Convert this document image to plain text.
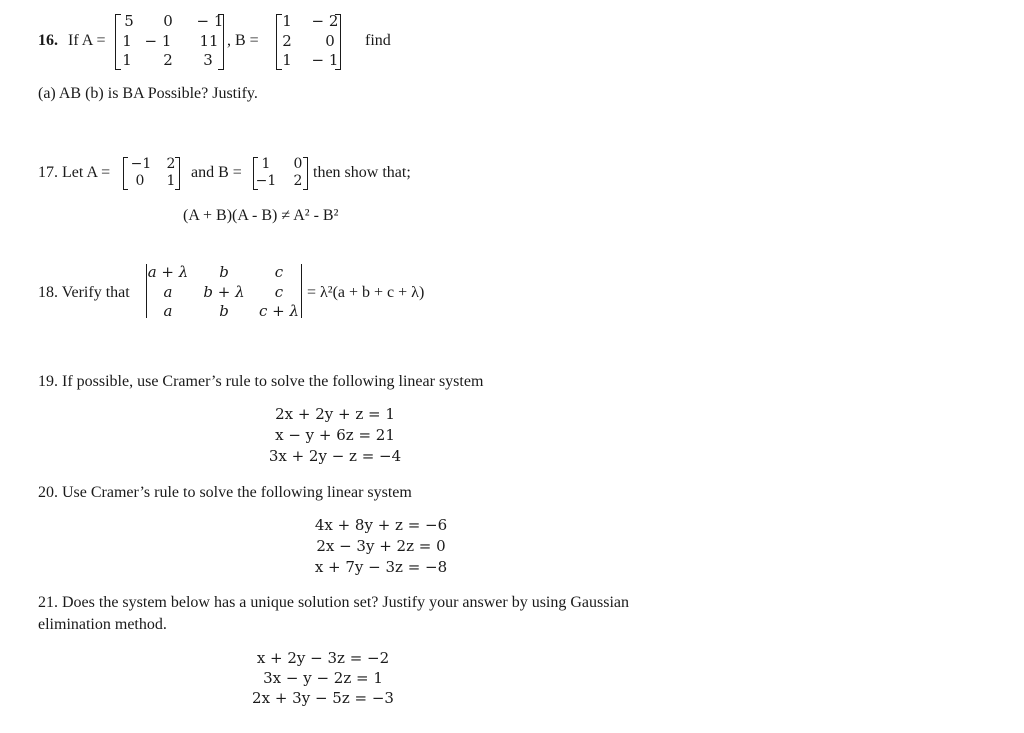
16. If A =
5 0 − 1
1 − 1 11
1 2 3
, B =
1 − 2
2 0
1 − 1
find
(a) AB (b) is BA Possible? Justify.
17. Let A = −1 2
0 1 and B = 1 0
−1 2 then show that;
(A + B)(A - B) ≠ A² - B²
18. Verify that
a + λ b	c
a b + λ c
a	b c + λ
= λ²(a + b + c + λ)
19. If possible, use Cramer’s rule to solve the following linear system
2x + 2y + z = 1
x − y + 6z = 21
3x + 2y − z = −4
20. Use Cramer’s rule to solve the following linear system
4x + 8y + z = −6
2x − 3y + 2z = 0
x + 7y − 3z = −8
21. Does the system below has a unique solution set? Justify your answer by using Gaussian
elimination method.
x + 2y − 3z = −2
3x − y − 2z = 1
2x + 3y − 5z = −3
